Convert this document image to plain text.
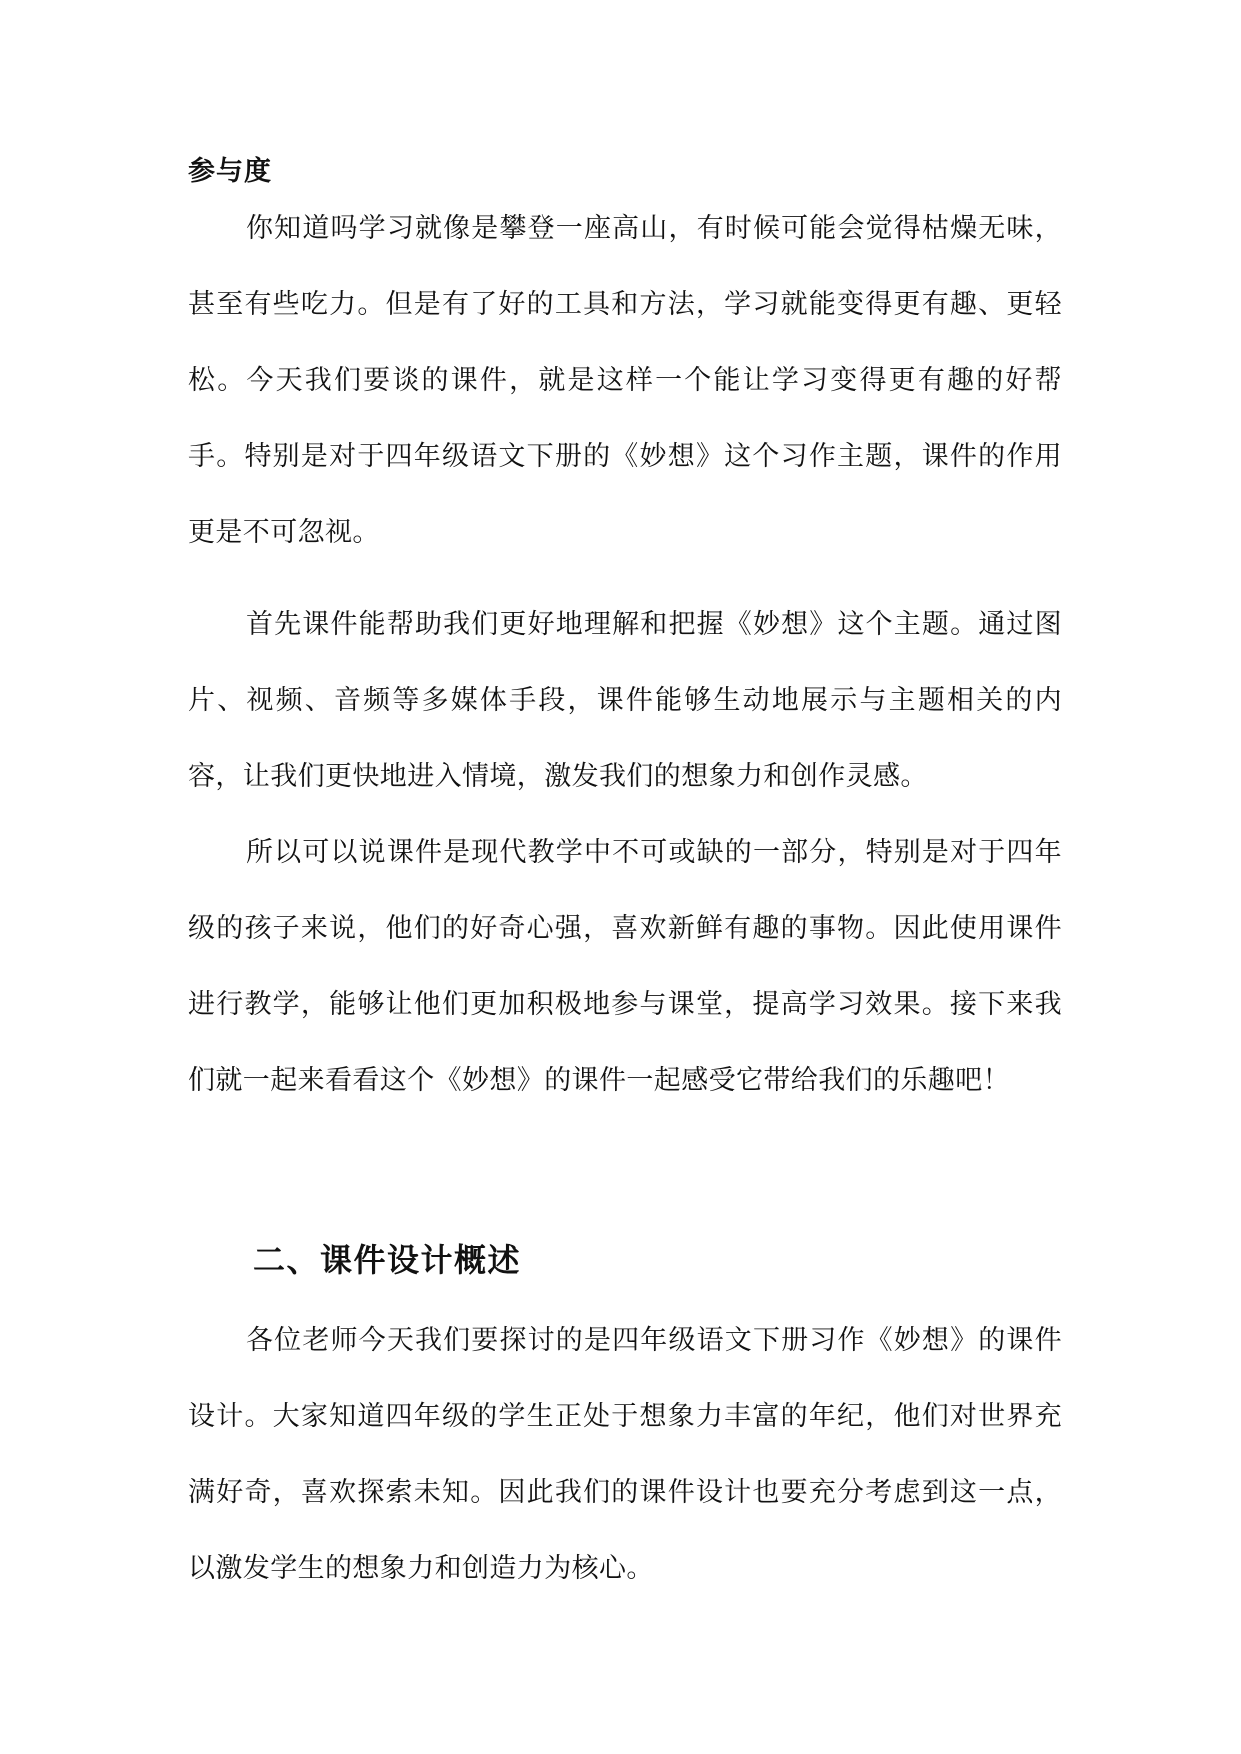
参与度

你知道吗学习就像是攀登一座高山，有时候可能会觉得枯燥无味，甚至有些吃力。但是有了好的工具和方法，学习就能变得更有趣、更轻松。今天我们要谈的课件，就是这样一个能让学习变得更有趣的好帮手。特别是对于四年级语文下册的《妙想》这个习作主题，课件的作用更是不可忽视。

首先课件能帮助我们更好地理解和把握《妙想》这个主题。通过图片、视频、音频等多媒体手段，课件能够生动地展示与主题相关的内容，让我们更快地进入情境，激发我们的想象力和创作灵感。

所以可以说课件是现代教学中不可或缺的一部分，特别是对于四年级的孩子来说，他们的好奇心强，喜欢新鲜有趣的事物。因此使用课件进行教学，能够让他们更加积极地参与课堂，提高学习效果。接下来我们就一起来看看这个《妙想》的课件一起感受它带给我们的乐趣吧！

二、课件设计概述

各位老师今天我们要探讨的是四年级语文下册习作《妙想》的课件设计。大家知道四年级的学生正处于想象力丰富的年纪，他们对世界充满好奇，喜欢探索未知。因此我们的课件设计也要充分考虑到这一点，以激发学生的想象力和创造力为核心。
